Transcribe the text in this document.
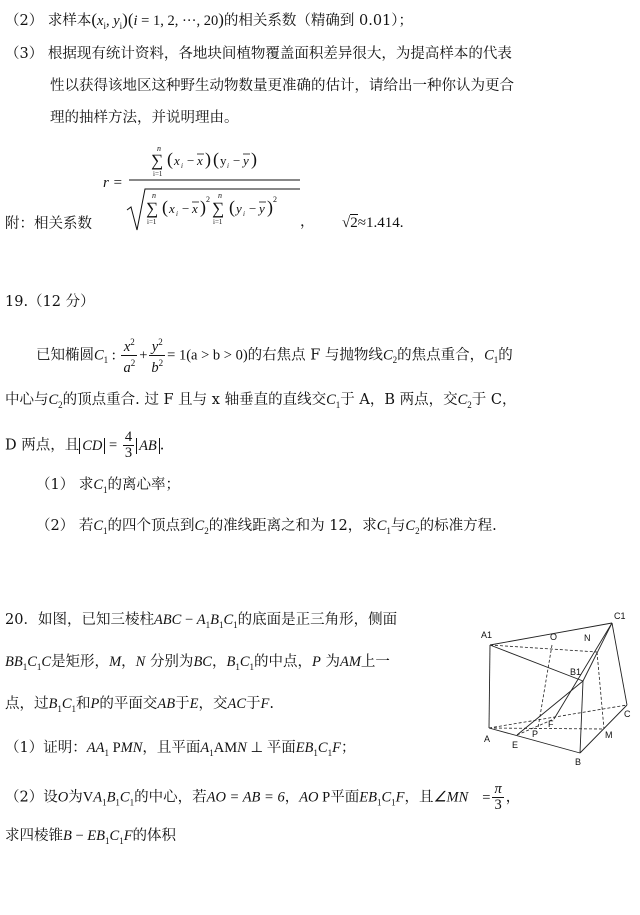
（2） 求样本($x_i$, $y_i)(i = 1$, 2, ···, 20)的相关系数（精确到 0.01）；
（3） 根据现有统计资料，各地块间植物覆盖面积差异很大，为提高样本的代表
性以获得该地区这种野生动物数量更准确的估计，请给出一种你认为更合
理的抽样方法，并说明理由。
r =
n
∑
i=1
( x i − x ) ( y i − y )
n
∑
i=1
( x i − x ) 2 n
∑
i=1
( y i − y ) 2
附：相关系数	， √2≈1.414.
19.（12 分）
已知椭圆$C_1$ : $\frac{x^2}{a^2} + \frac{y^2}{b^2} = 1(a > b > 0)$的右焦点 F 与抛物线$C_2$的焦点重合，$C_1$的
中心与$C_2$的顶点重合. 过 F 且与 x 轴垂直的直线交$C_1$于 A，B 两点，交$C_2$于 C，
D 两点，且 CD = $\frac{4}{3}$ AB .
（1） 求$C_1$的离心率；
（2） 若$C_1$的四个顶点到$C_2$的准线距离之和为 12，求$C_1$与$C_2$的标准方程.
20．如图，已知三棱柱ABC − $A_1B_1C_1$的底面是正三角形，侧面
$BB_1C_1C$是矩形，M，N 分别为BC，$B_1C_1$的中点，P 为AM上一
点，过$B_1C_1$和P的平面交AB于E，交AC于F.
（1）证明：$AA_1$ PMN，且平面$A_1AMN$ ⊥ 平面$EB_1C_1F$；
（2）设O为$VA_1B_1C_1$的中心，若AO = AB = 6，AO P平面$EB_1C_1F$，且∠MN = $\frac{\pi}{3}$ ，
求四棱锥$B - EB_1C_1F$的体积
A1	O	N
C1
B1
P
F
A
E
B
M
C
